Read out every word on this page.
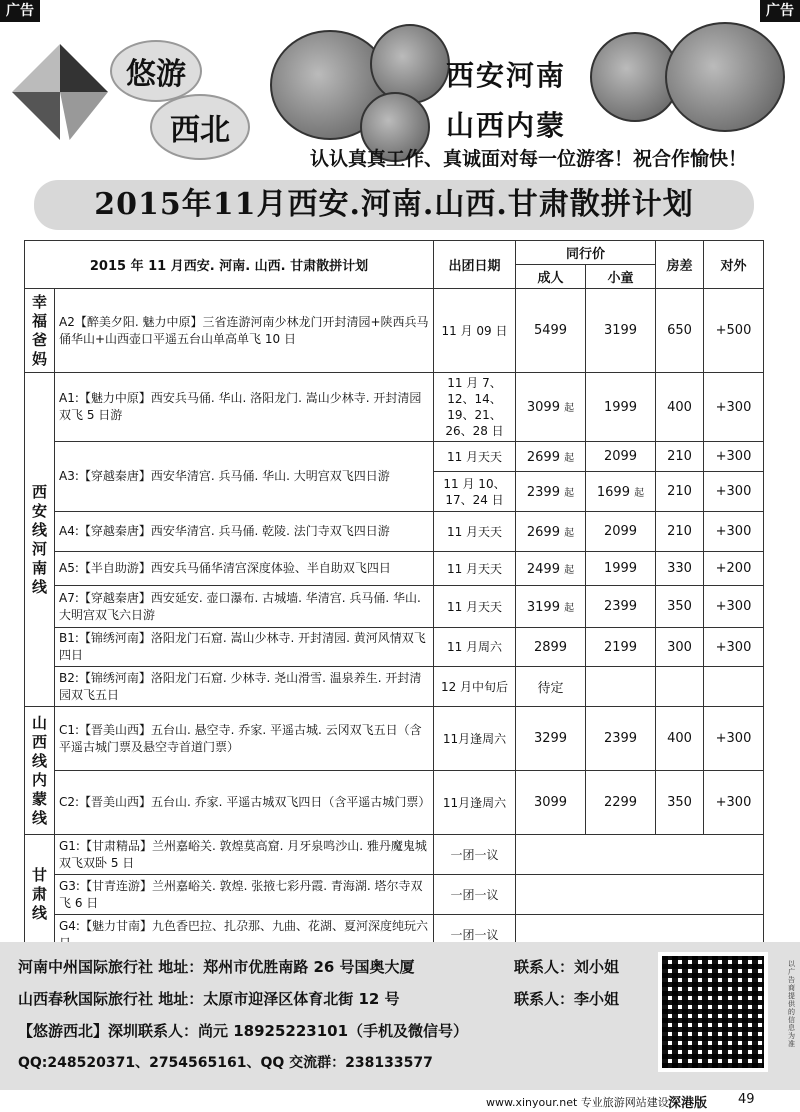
广告	广告
悠游
西北
西安河南
山西内蒙
认认真真工作、真诚面对每一位游客！祝合作愉快！
2015年11月西安.河南.山西.甘肃散拼计划
2015 年 11 月西安. 河南. 山西. 甘肃散拼计划		出团日期	同行价		房差	对外
			成人	小童		
幸福爸妈	A2【醉美夕阳. 魅力中原】三省连游河南少林龙门开封清园+陕西兵马俑华山+山西壶口平遥五台山单高单飞 10 日	11 月 09 日	5499	3199	650	+500
西安线河南线	A1:【魅力中原】西安兵马俑. 华山. 洛阳龙门. 嵩山少林寺. 开封清园双飞 5 日游	11 月 7、12、14、19、21、26、28 日	3099 起	1999	400	+300
	A3:【穿越秦唐】西安华清宫. 兵马俑. 华山. 大明宫双飞四日游	11 月天天	2699 起	2099	210	+300
		11 月 10、17、24 日	2399 起	1699 起	210	+300
	A4:【穿越秦唐】西安华清宫. 兵马俑. 乾陵. 法门寺双飞四日游	11 月天天	2699 起	2099	210	+300
	A5:【半自助游】西安兵马俑华清宫深度体验、半自助双飞四日	11 月天天	2499 起	1999	330	+200
	A7:【穿越秦唐】西安延安. 壶口瀑布. 古城墙. 华清宫. 兵马俑. 华山. 大明宫双飞六日游	11 月天天	3199 起	2399	350	+300
	B1:【锦绣河南】洛阳龙门石窟. 嵩山少林寺. 开封清园. 黄河风情双飞四日	11 月周六	2899	2199	300	+300
	B2:【锦绣河南】洛阳龙门石窟. 少林寺. 尧山滑雪. 温泉养生. 开封清园双飞五日	12 月中旬后	待定			
山西线内蒙线	C1:【晋美山西】五台山. 悬空寺. 乔家. 平遥古城. 云冈双飞五日（含平遥古城门票及悬空寺首道门票）	11月逢周六	3299	2399	400	+300
	C2:【晋美山西】五台山. 乔家. 平遥古城双飞四日（含平遥古城门票）	11月逢周六	3099	2299	350	+300
甘肃线	G1:【甘肃精品】兰州嘉峪关. 敦煌莫高窟. 月牙泉鸣沙山. 雅丹魔鬼城双飞双卧 5 日	一团一议				
	G3:【甘青连游】兰州嘉峪关. 敦煌. 张掖七彩丹霞. 青海湖. 塔尔寺双飞 6 日	一团一议				
	G4:【魅力甘南】九色香巴拉、扎尕那、九曲、花湖、夏河深度纯玩六	一团一议				
河南中州国际旅行社 地址：郑州市优胜南路 26 号国奥大厦
山西春秋国际旅行社 地址：太原市迎泽区体育北街 12 号
【悠游西北】深圳联系人：尚元 18925223101（手机及微信号）
QQ:248520371、2754565161、QQ 交流群：238133577
联系人：刘小姐
联系人：李小姐
以广告商提供的信息为准
www.xinyour.net 专业旅游网站建设 深港版 49
